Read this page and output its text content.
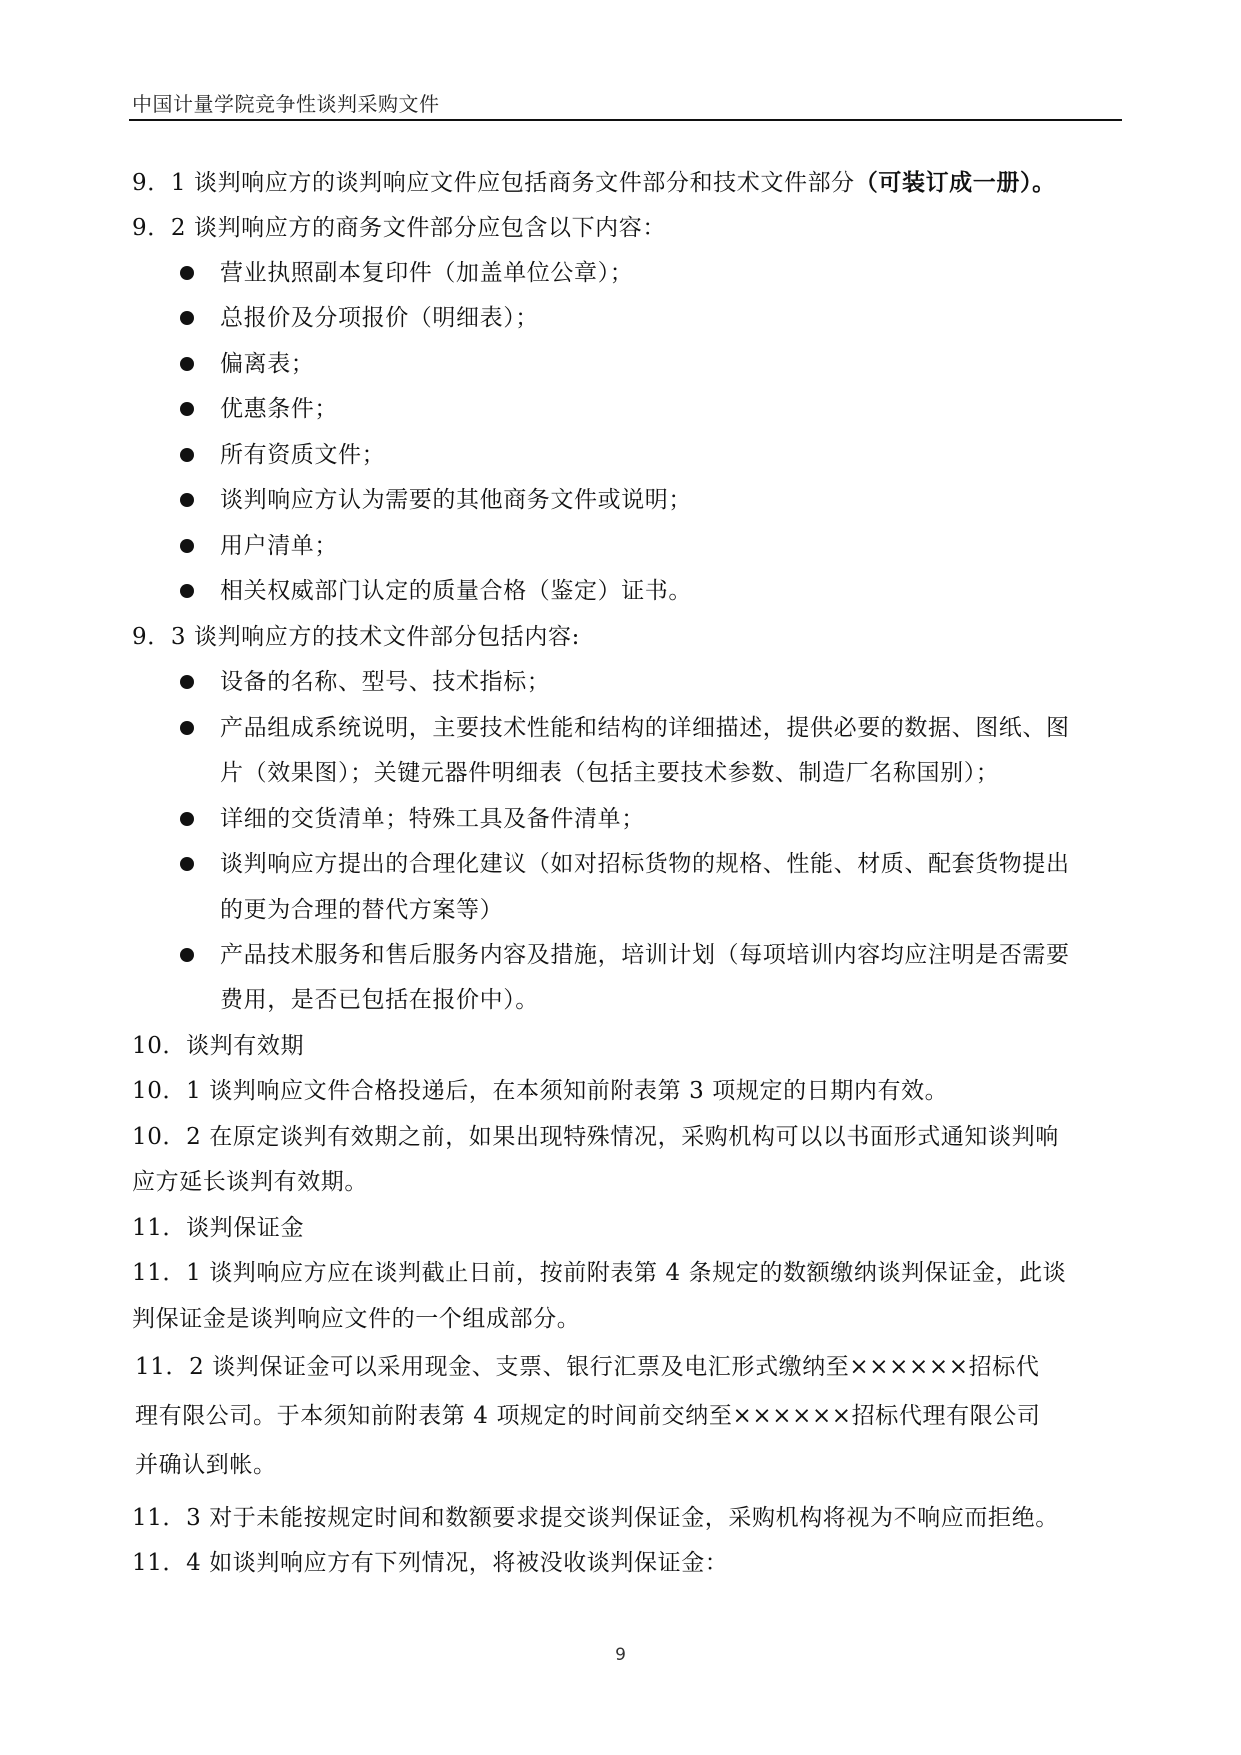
中国计量学院竞争性谈判采购文件
9．1 谈判响应方的谈判响应文件应包括商务文件部分和技术文件部分（可装订成一册）。
9．2 谈判响应方的商务文件部分应包含以下内容：
营业执照副本复印件（加盖单位公章）；
总报价及分项报价（明细表）；
偏离表；
优惠条件；
所有资质文件；
谈判响应方认为需要的其他商务文件或说明；
用户清单；
相关权威部门认定的质量合格（鉴定）证书。
9．3 谈判响应方的技术文件部分包括内容:
设备的名称、型号、技术指标；
产品组成系统说明，主要技术性能和结构的详细描述，提供必要的数据、图纸、图
片（效果图）；关键元器件明细表（包括主要技术参数、制造厂名称国别）；
详细的交货清单；特殊工具及备件清单；
谈判响应方提出的合理化建议（如对招标货物的规格、性能、材质、配套货物提出
的更为合理的替代方案等）
产品技术服务和售后服务内容及措施，培训计划（每项培训内容均应注明是否需要
费用，是否已包括在报价中）。
10．谈判有效期
10．1 谈判响应文件合格投递后，在本须知前附表第 3 项规定的日期内有效。
10．2 在原定谈判有效期之前，如果出现特殊情况，采购机构可以以书面形式通知谈判响
应方延长谈判有效期。
11．谈判保证金
11．1 谈判响应方应在谈判截止日前，按前附表第 4 条规定的数额缴纳谈判保证金，此谈
判保证金是谈判响应文件的一个组成部分。
11．2 谈判保证金可以采用现金、支票、银行汇票及电汇形式缴纳至××××××招标代
理有限公司。于本须知前附表第 4 项规定的时间前交纳至××××××招标代理有限公司
并确认到帐。
11．3 对于未能按规定时间和数额要求提交谈判保证金，采购机构将视为不响应而拒绝。
11．4 如谈判响应方有下列情况，将被没收谈判保证金：
9
